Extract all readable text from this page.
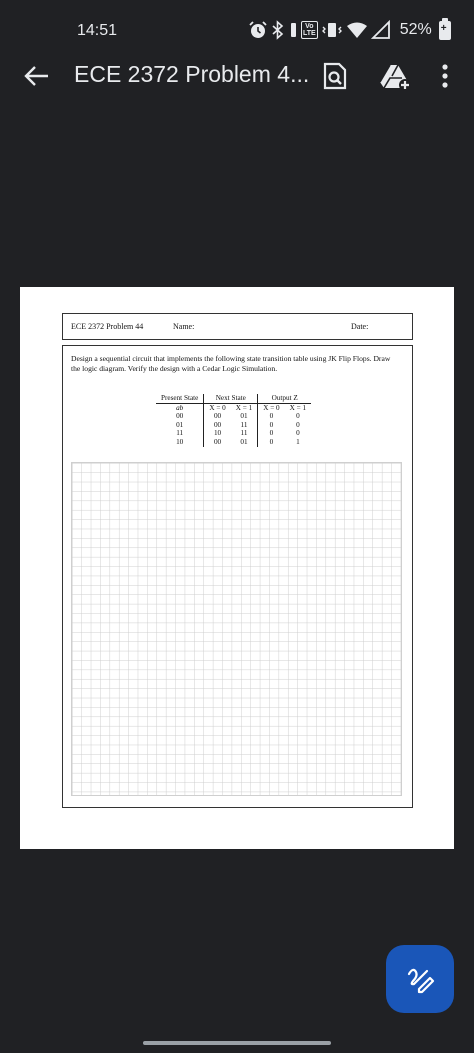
14:51	Vo
LTE	52%
+
ECE 2372 Problem 4...
ECE 2372 Problem 44	Name:	Date:
Design a sequential circuit that implements the following state transition table using JK Flip Flops. Draw the logic diagram. Verify the design with a Cedar Logic Simulation.
Present State	Next State		Output Z	
ab	X = 0	X = 1	X = 0	X = 1
00	00	01	0	0
01	00	11	0	0
11	10	11	0	0
10	00	01	0	1
